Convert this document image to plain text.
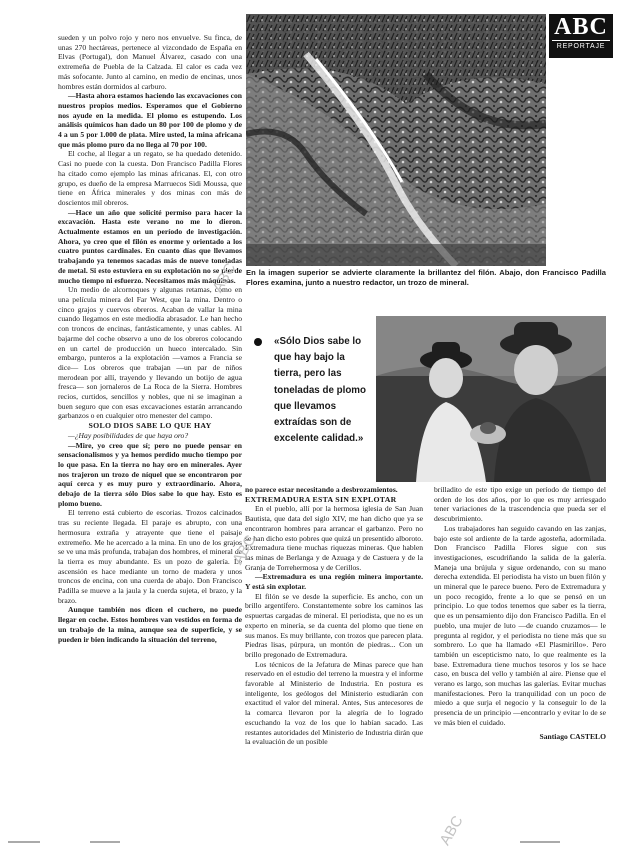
ABC
REPORTAJE

sueden y un polvo rojo y nero nos envuelve. Su finca, de unas 270 hectáreas, pertenece al vizcondado de España en Elvas (Portugal), don Manuel Álvarez, casado con una extremeña de Puebla de la Calzada. El calor es cada vez más sofocante. Junto al camino, en medio de encinas, unos hombres están dormidos al carburo.

—Hasta ahora estamos haciendo las excavaciones con nuestros propios medios. Esperamos que el Gobierno nos ayude en la medida. El plomo es estupendo. Los análisis químicos han dado un 80 por 100 de plomo y de 4 a un 5 por 1.000 de plata. Mire usted, la mina africana que más plomo puro da no llega al 70 por 100.

El coche, al llegar a un regato, se ha quedado detenido. Casi no puede con la cuesta. Don Francisco Padilla Flores ha citado como ejemplo las minas africanas. El, con otro grupo, es dueño de la empresa Marruecos Sidi Moussa, que tiene en África minerales y dos minas con más de doscientos mil obreros.

—Hace un año que solicité permiso para hacer la excavación. Hasta este verano no me lo dieron. Actualmente estamos en un período de investigación. Ahora, yo creo que el filón es enorme y orientado a los cuatro puntos cardinales. En cuanto días que llevamos trabajando ya tenemos sacadas más de nueve toneladas de metal. Si esto estuviera en su explotación no se pierde mucho tiempo ni esfuerzo. Necesitamos más máquinas.

Un medio de alcornoques y algunas retamas, como en una película minera del Far West, que la mina. Dentro o cinco grajos y cuervos obreros. Acaban de vallar la mina cuando llegamos en este mediodía abrasador. Le han hecho con troncos de encinas, fantásticamente, y unas cables. Al bajarme del coche observo a uno de los obreros colocando en un cartel de producción un hueco intercalado. Sin embargo, punteros a la explotación —vamos a Francia se dice— Los obreros que trabajan —un par de niños merodean por allí, trayendo y llevando un botijo de agua fresca— son jornaleros de La Roca de la Sierra. Hombres recios, curtidos, sencillos y nobles, que ni se imaginan a buen seguro que con esas excavaciones estarán arrancando garbanzos o en cualquier otro menester del campo.

SOLO DIOS SABE LO QUE HAY

—¿Hay posibilidades de que haya oro?

—Mire, yo creo que sí; pero no puede pensar en sensacionalismos y ya hemos perdido mucho tiempo por lo que pasa. En la tierra no hay oro en minerales. Ayer nos trajeron un trozo de níquel que se encontraron por aquí cerca y es muy puro y extraordinario. Ahora, debajo de la tierra sólo Dios sabe lo que hay. Esto es plomo bueno.

El terreno está cubierto de escorias. Trozos calcinados tras su reciente llegada. El paraje es abrupto, con una hermosura extraña y atrayente que tiene el paisaje extremeño. Me he acercado a la mina. En uno de los grajos se ve una más profunda, trabajan dos hombres, el mineral de la tierra es muy abundante. Es un pozo de galería. Le ascensión es hace mediante un torno de madera y unos troncos de encina, con una cuerda de abajo. Don Francisco Padilla se mueve a la jaula y la cuerda sujeta, el brazo, y la brazo.

Aunque también nos dicen el cuchero, no puede llegar en coche. Estos hombres van vestidos en forma de un trabajo de la mina, aunque sea de superficie, y se pueden ir bien indicando la situación del terreno,

En la imagen superior se advierte claramente la brillantez del filón. Abajo, don Francisco Padilla Flores examina, junto a nuestro redactor, un trozo de mineral.
«Sólo Dios sabe lo que hay bajo la tierra, pero las toneladas de plomo que llevamos extraídas son de excelente calidad.»

no parece estar necesitando a desbrozamientos.

EXTREMADURA ESTA SIN EXPLOTAR

En el pueblo, allí por la hermosa iglesia de San Juan Bautista, que data del siglo XIV, me han dicho que ya se encontraron hombres para arrancar el garbanzo. Pero no se han dicho esto pobres que quizá un presentido alboroto. Extremadura tiene muchas riquezas mineras. Que hablen las minas de Berlanga y de Azuaga y de Castuera y de la Granja de Torrehermosa y de Cerillos.

—Extremadura es una región minera importante. Y está sin explotar.

El filón se ve desde la superficie. Es ancho, con un brillo argentífero. Constantemente sobre los caminos las espuertas cargadas de mineral. El periodista, que no es un experto en minería, se da cuenta del plomo que tiene en sus manos. Es muy brillante, con trozos que parecen plata. Piedras lisas, púrpura, un montón de piedras... Con un brillo pregonado de Extremadura.

Los técnicos de la Jefatura de Minas parece que han reservado en el estudio del terreno la muestra y el informe favorable al Ministerio de Industria. En postura es inteligente, los geólogos del Ministerio estudiarán con exactitud el valor del mineral. Antes, Sus antecesores de la comarca llevaron por la alegría de lo logrado escuchando la voz de los que lo habían sacado. Las restantes autoridades del Ministerio de Industria dirán que la evaluación de un posible

brilladito de este tipo exige un período de tiempo del orden de los dos años, por lo que es muy arriesgado tener variaciones de la trascendencia que pueda ser el descubrimiento.

Los trabajadores han seguido cavando en las zanjas, bajo este sol ardiente de la tarde agosteña, adormilada. Don Francisco Padilla Flores sigue con sus investigaciones, escudriñando la salida de la galería. Maneja una brújula y sigue ordenando, con su mano derecha extendida. El periodista ha visto un buen filón y un mineral que le parece bueno. Pero de Extremadura y un poco recogido, frente a lo que se pensó en un principio. Lo que todos tenemos que saber es la tierra, que es un pensamiento dijo don Francisco Padilla. En el pueblo, una mujer de luto —de cuando cruzamos— le pregunta al regidor, y el periodista no tiene más que su sombrero. Lo que ha llamado «El Plasmirillo». Pero también un escepticismo nato, lo que realmente es la base. Extremadura tiene muchos tesoros y los se hace caso, en busca del vello y también al aire. Piense que el verano es largo, son muchas las galerías. Evitar muchas manifestaciones. Pero la tranquilidad con un poco de miedo a que surja el negocio y la conseguir lo de la presencia de un principio —encontrarlo y evitar lo de se ve más bien el cuidado.

Santiago CASTELO

ABC
ABC
ABC
